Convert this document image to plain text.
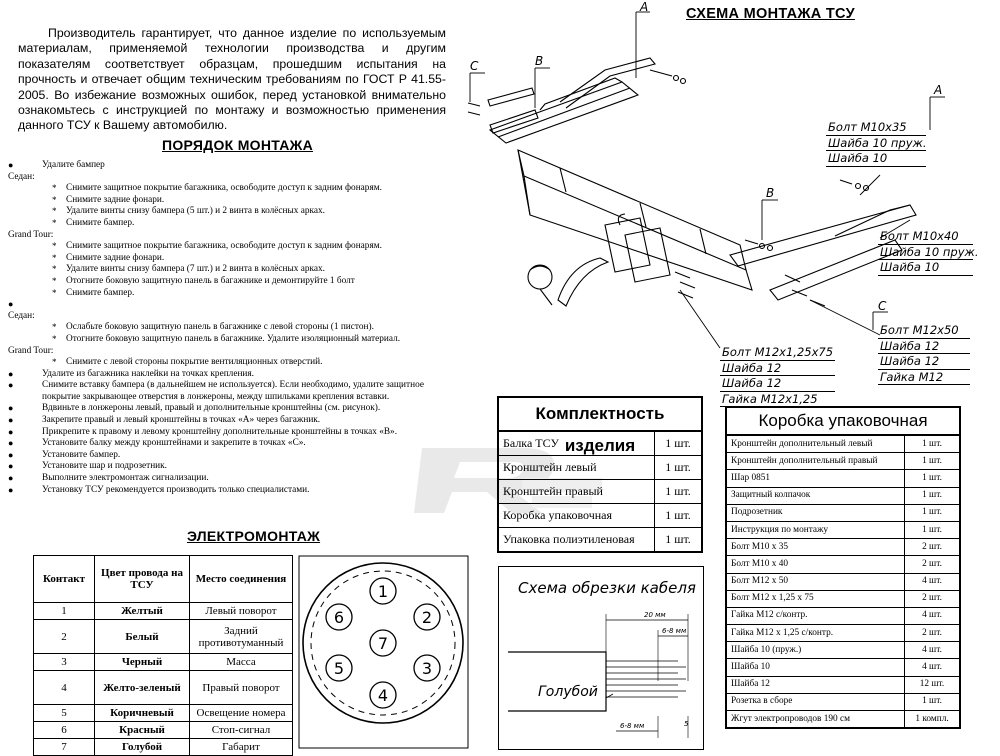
Производитель гарантирует, что данное изделие по используемым материалам, применяемой технологии производства и другим показателям соответствует образцам, прошедшим испытания на прочность и отвечает общим техническим требованиям по ГОСТ Р 41.55-2005. Во избежание возможных ошибок, перед установкой внимательно ознакомьтесь с инструкцией по монтажу и возможностью применения данного ТСУ к Вашему автомобилю.
СХЕМА МОНТАЖА ТСУ
ПОРЯДОК МОНТАЖА
ЭЛЕКТРОМОНТАЖ
●	Удалите бампер
Седан:
* Снимите защитное покрытие багажника, освободите доступ к задним фонарям.
* Снимите задние фонари.
* Удалите винты снизу бампера (5 шт.) и 2 винта в колёсных арках.
* Снимите бампер.
Grand Tour:
* Снимите защитное покрытие багажника, освободите доступ к задним фонарям.
* Снимите задние фонари.
* Удалите винты снизу бампера (7 шт.) и 2 винта в колёсных арках.
* Отогните боковую защитную панель в багажнике и демонтируйте 1 болт
* Снимите бампер.
●
Седан:
* Ослабьте боковую защитную панель в багажнике с левой стороны (1 пистон).
* Отогните боковую защитную панель в багажнике. Удалите изоляционный материал.
Grand Tour:
* Снимите с левой стороны покрытие вентиляционных отверстий.
●	Удалите из багажника наклейки на точках крепления.
●	Снимите вставку бампера (в дальнейшем не используется). Если необходимо, удалите защитное покрытие закрывающее отверстия в лонжероны, между шпильками крепления вставки.
●	Вдвиньте в лонжероны левый, правый и дополнительные кронштейны (см. рисунок).
●	Закрепите правый и левый кронштейны в точках «А» через багажник.
●	Прикрепите к правому и левому кронштейну дополнительные кронштейны в точках «В».
●	Установите балку между кронштейнами и закрепите в точках «С».
●	Установите бампер.
●	Установите шар и подрозетник.
●	Выполните электромонтаж сигнализации.
●	Установку ТСУ рекомендуется производить только специалистами.
Контакт	Цвет провода на ТСУ	Место соединения
1	Желтый	Левый поворот
2	Белый	Задний противотуманный
3	Черный	Масса
4	Желто-зеленый	Правый поворот
5	Коричневый	Освещение номера
6	Красный	Стоп-сигнал
7	Голубой	Габарит
1
2
3
4
5
6
7
Комплектность изделия
Балка ТСУ	1 шт.
Кронштейн левый	1 шт.
Кронштейн правый	1 шт.
Коробка упаковочная	1 шт.
Упаковка полиэтиленовая	1 шт.
Коробка упаковочная
Кронштейн дополнительный левый	1 шт.
Кронштейн дополнительный правый	1 шт.
Шар 0851	1 шт.
Защитный колпачок	1 шт.
Подрозетник	1 шт.
Инструкция по монтажу	1 шт.
Болт М10 х 35	2 шт.
Болт М10 х 40	2 шт.
Болт М12 х 50	4 шт.
Болт М12 х 1,25 х 75	2 шт.
Гайка М12 с/контр.	4 шт.
Гайка М12 х 1,25 с/контр.	2 шт.
Шайба 10 (пруж.)	4 шт.
Шайба 10	4 шт.
Шайба 12	12 шт.
Розетка в сборе	1 шт.
Жгут электропроводов 190 см	1 компл.
Схема обрезки кабеля
20 мм
6-8 мм
Голубой
6-8 мм	5
А
С	В
В
А
С
Болт М10х35
Шайба 10 пруж.
Шайба 10
Болт М10х40
Шайба 10 пруж.
Шайба 10
Болт М12х50
Шайба 12
Шайба 12
Гайка М12
Болт М12х1,25х75
Шайба 12
Шайба 12
Гайка М12х1,25
